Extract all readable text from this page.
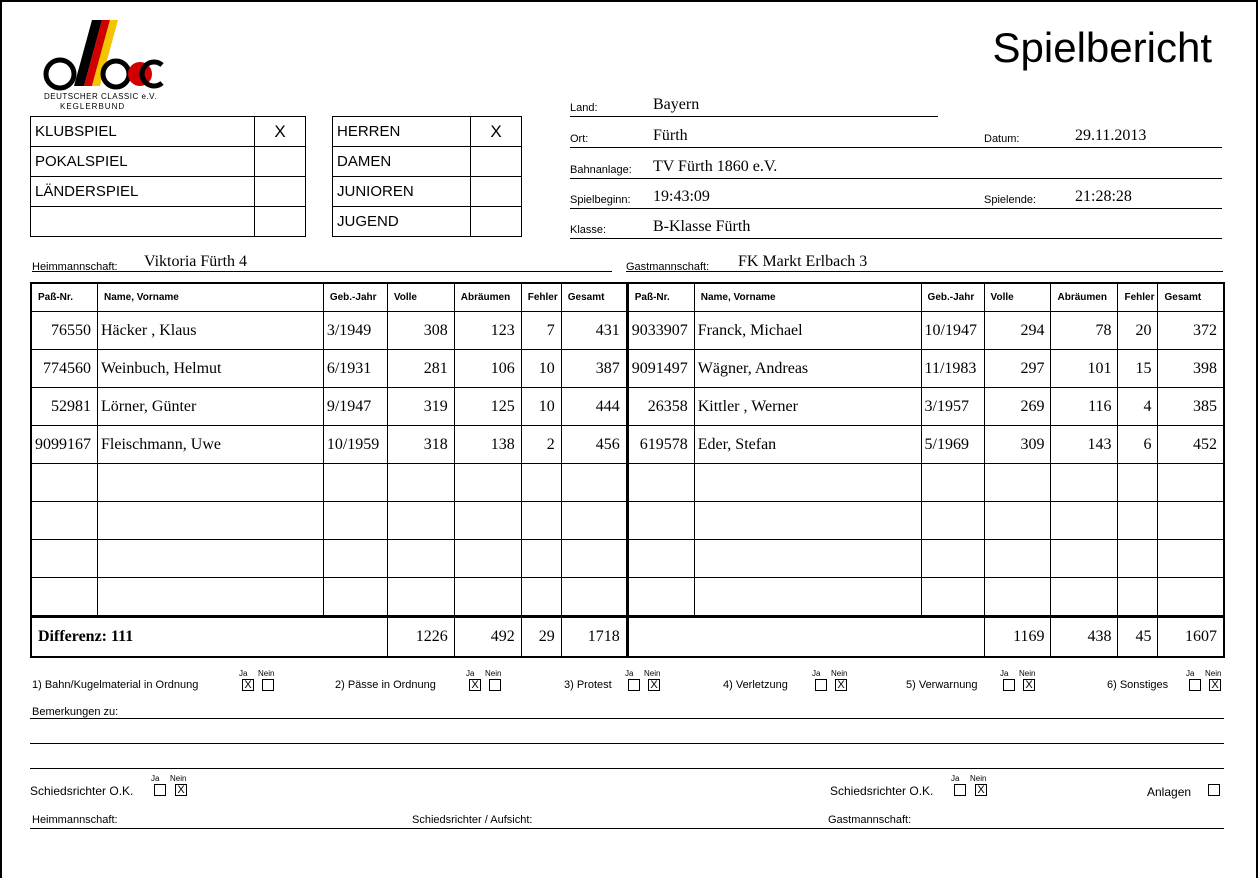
DEUTSCHER CLASSIC e.V.
KEGLERBUND
Spielbericht
KLUBSPIEL	X
POKALSPIEL	
LÄNDERSPIEL	

HERREN	X
DAMEN	
JUNIOREN	
JUGEND	
Land:	Bayern
Ort:	Fürth	Datum:	29.11.2013
Bahnanlage: TV Fürth 1860 e.V.
Spielbeginn: 19:43:09	Spielende: 21:28:28
Klasse:	B-Klasse Fürth
Heimmannschaft: Viktoria Fürth 4	Gastmannschaft: FK Markt Erlbach 3
Paß-Nr.	Name, Vorname	Geb.-Jahr	Volle	Abräumen	Fehler	Gesamt	Paß-Nr.	Name, Vorname	Geb.-Jahr	Volle	Abräumen	Fehler	Gesamt
76550	Häcker , Klaus	3/1949	308	123	7	431	9033907	Franck, Michael	10/1947	294	78	20	372
774560	Weinbuch, Helmut	6/1931	281	106	10	387	9091497	Wägner, Andreas	11/1983	297	101	15	398
52981	Lörner, Günter	9/1947	319	125	10	444	26358	Kittler , Werner	3/1957	269	116	4	385
9099167	Fleischmann, Uwe	10/1959	318	138	2	456	619578	Eder, Stefan	5/1969	309	143	6	452

Differenz: 111			1226	492	29	1718				1169	438	45	1607
1) Bahn/Kugelmaterial in Ordnung
Ja Nein
X	2) Pässe in Ordnung
Ja Nein
X	3) Protest
Ja Nein
X	4) Verletzung
Ja Nein
X	5) Verwarnung
Ja Nein
X	6) Sonstiges
Ja Nein
X
Bemerkungen zu:
Ja Nein
Schiedsrichter O.K.	X
Ja Nein
Schiedsrichter O.K.	X	Anlagen
Heimmannschaft:	Schiedsrichter / Aufsicht:	Gastmannschaft:
